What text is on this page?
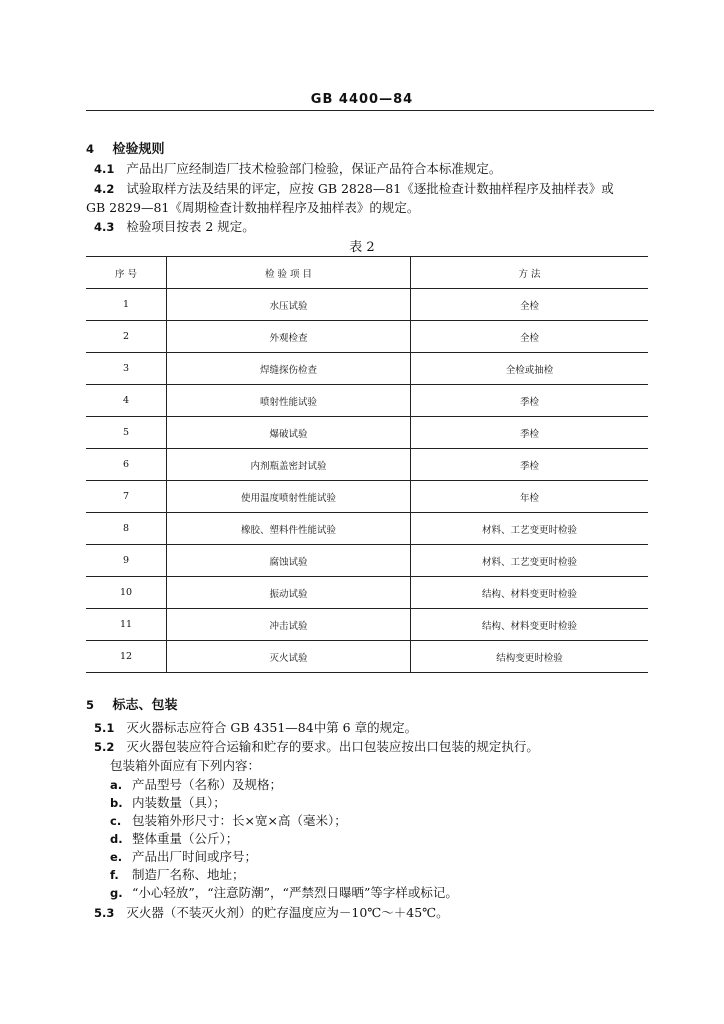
GB 4400—84
4 检验规则
4.1 产品出厂应经制造厂技术检验部门检验，保证产品符合本标准规定。
4.2 试验取样方法及结果的评定，应按 GB 2828—81《逐批检查计数抽样程序及抽样表》或
GB 2829—81《周期检查计数抽样程序及抽样表》的规定。
4.3 检验项目按表 2 规定。
表 2
序 号	检 验 项 目	方 法
1	水压试验	全检
2	外观检查	全检
3	焊缝探伤检查	全检或抽检
4	喷射性能试验	季检
5	爆破试验	季检
6	内剂瓶盖密封试验	季检
7	使用温度喷射性能试验	年检
8	橡胶、塑料件性能试验	材料、工艺变更时检验
9	腐蚀试验	材料、工艺变更时检验
10	振动试验	结构、材料变更时检验
11	冲击试验	结构、材料变更时检验
12	灭火试验	结构变更时检验
5 标志、包装
5.1 灭火器标志应符合 GB 4351—84中第 6 章的规定。
5.2 灭火器包装应符合运输和贮存的要求。出口包装应按出口包装的规定执行。
包装箱外面应有下列内容：
a. 产品型号（名称）及规格；
b. 内装数量（具）；
c. 包装箱外形尺寸：长×宽×高（毫米）；
d. 整体重量（公斤）；
e. 产品出厂时间或序号；
f. 制造厂名称、地址；
g. “小心轻放”，“注意防潮”，“严禁烈日曝晒”等字样或标记。
5.3 灭火器（不装灭火剂）的贮存温度应为－10℃～＋45℃。
